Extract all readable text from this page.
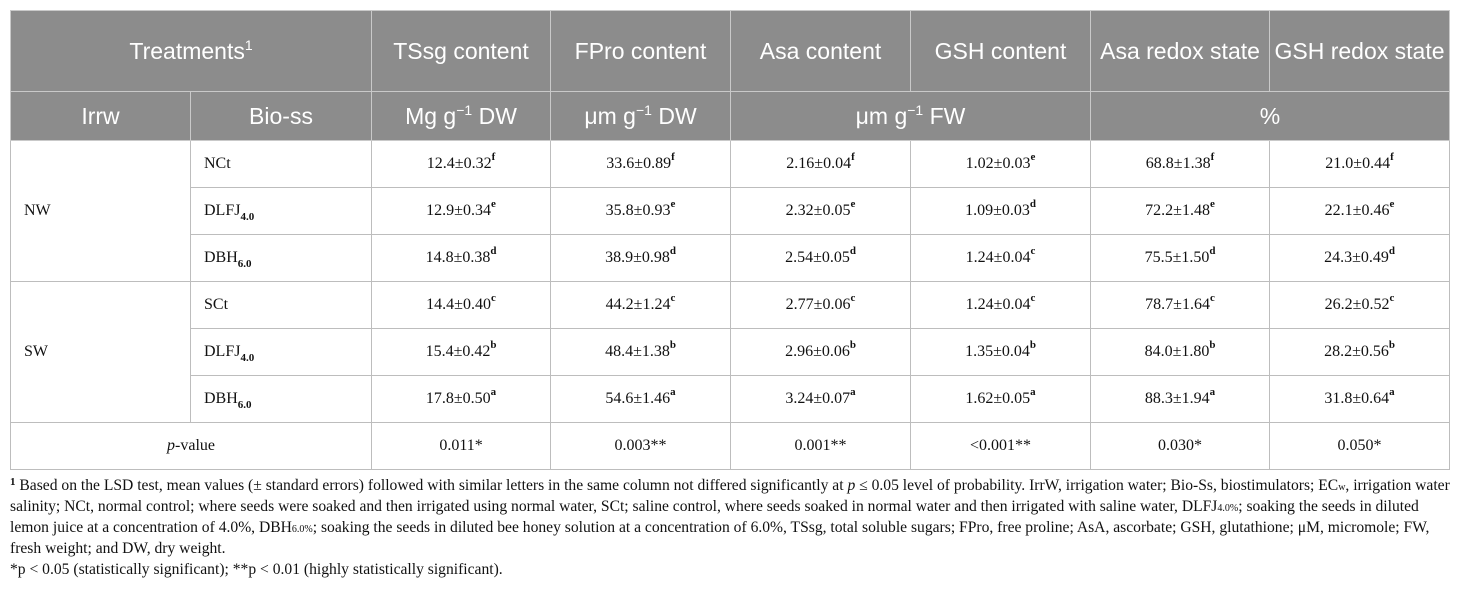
Treatments$^1$		TSsg content	FPro content	Asa content	GSH content	Asa redox state	GSH redox state
Irrw	Bio-ss	Mg $g^{-1}$ DW	μm $g^{-1}$ DW	μm $g^{-1}$ FW		%	
NW	NCt	12.4±0.32$^f$	33.6±0.89$^f$	2.16±0.04$^f$	1.02±0.03$^e$	68.8±1.38$^f$	21.0±0.44$^f$
	$DLFJ_{4.0}$	12.9±0.34$^e$	35.8±0.93$^e$	2.32±0.05$^e$	1.09±0.03$^d$	72.2±1.48$^e$	22.1±0.46$^e$
	$DBH_{6.0}$	14.8±0.38$^d$	38.9±0.98$^d$	2.54±0.05$^d$	1.24±0.04$^c$	75.5±1.50$^d$	24.3±0.49$^d$
SW	SCt	14.4±0.40$^c$	44.2±1.24$^c$	2.77±0.06$^c$	1.24±0.04$^c$	78.7±1.64$^c$	26.2±0.52$^c$
	$DLFJ_{4.0}$	15.4±0.42$^b$	48.4±1.38$^b$	2.96±0.06$^b$	1.35±0.04$^b$	84.0±1.80$^b$	28.2±0.56$^b$
	$DBH_{6.0}$	17.8±0.50$^a$	54.6±1.46$^a$	3.24±0.07$^a$	1.62±0.05$^a$	88.3±1.94$^a$	31.8±0.64$^a$
p-value		0.011*	0.003**	0.001**	<0.001**	0.030*	0.050*

$^1$ Based on the LSD test, mean values (± standard errors) followed with similar letters in the same column not differed significantly at p ≤ 0.05 level of probability. IrrW, irrigation water; Bio-Ss, biostimulators; $EC_w$, irrigation water salinity; NCt, normal control; where seeds were soaked and then irrigated using normal water, SCt; saline control, where seeds soaked in normal water and then irrigated with saline water, $DLFJ_{4.0\%}$; soaking the seeds in diluted lemon juice at a concentration of 4.0%, $DBH_{6.0\%}$; soaking the seeds in diluted bee honey solution at a concentration of 6.0%, TSsg, total soluble sugars; FPro, free proline; AsA, ascorbate; GSH, glutathione; μM, micromole; FW, fresh weight; and DW, dry weight.

*p < 0.05 (statistically significant); **p < 0.01 (highly statistically significant).
